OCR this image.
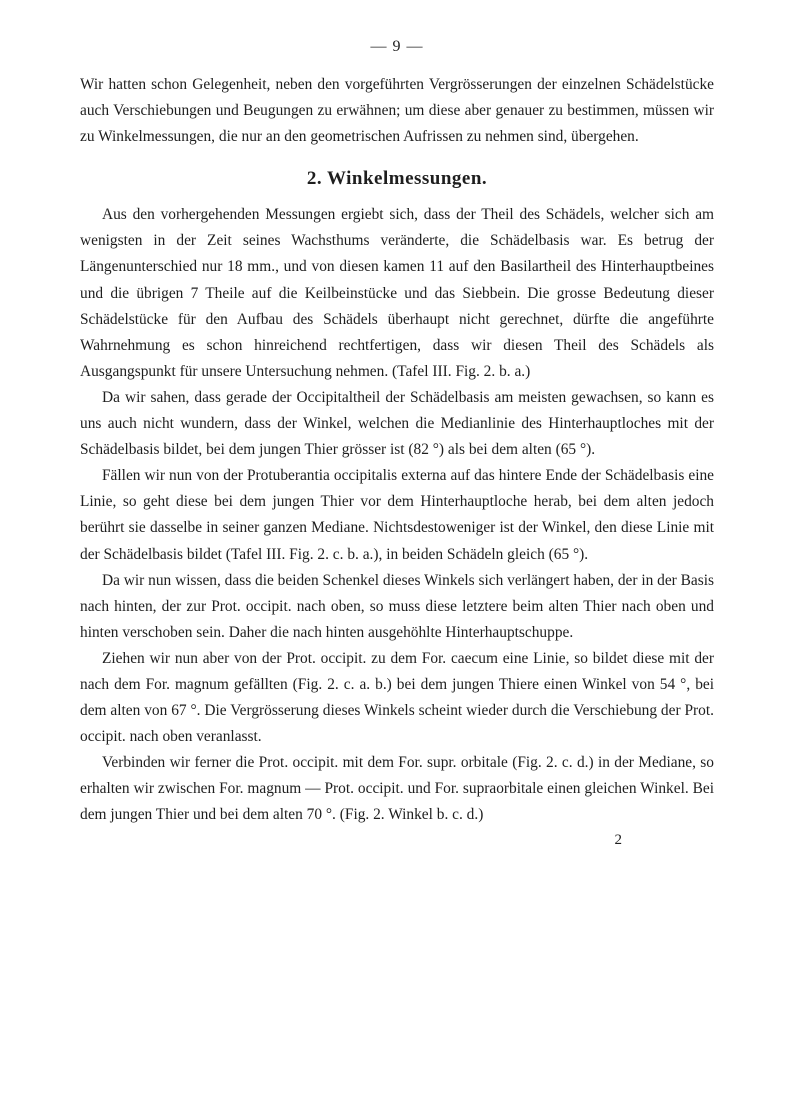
— 9 —

Wir hatten schon Gelegenheit, neben den vorgeführten Vergrösserungen der einzelnen Schädelstücke auch Verschiebungen und Beugungen zu erwähnen; um diese aber genauer zu bestimmen, müssen wir zu Winkelmessungen, die nur an den geometrischen Aufrissen zu nehmen sind, übergehen.

2. Winkelmessungen.

Aus den vorhergehenden Messungen ergiebt sich, dass der Theil des Schädels, welcher sich am wenigsten in der Zeit seines Wachsthums veränderte, die Schädelbasis war. Es betrug der Längenunterschied nur 18 mm., und von diesen kamen 11 auf den Basilartheil des Hinterhauptbeines und die übrigen 7 Theile auf die Keilbeinstücke und das Siebbein. Die grosse Bedeutung dieser Schädelstücke für den Aufbau des Schädels überhaupt nicht gerechnet, dürfte die angeführte Wahrnehmung es schon hinreichend rechtfertigen, dass wir diesen Theil des Schädels als Ausgangspunkt für unsere Untersuchung nehmen. (Tafel III. Fig. 2. b. a.)

Da wir sahen, dass gerade der Occipitaltheil der Schädelbasis am meisten gewachsen, so kann es uns auch nicht wundern, dass der Winkel, welchen die Medianlinie des Hinterhauptloches mit der Schädelbasis bildet, bei dem jungen Thier grösser ist (82 °) als bei dem alten (65 °).

Fällen wir nun von der Protuberantia occipitalis externa auf das hintere Ende der Schädelbasis eine Linie, so geht diese bei dem jungen Thier vor dem Hinterhauptloche herab, bei dem alten jedoch berührt sie dasselbe in seiner ganzen Mediane. Nichtsdestoweniger ist der Winkel, den diese Linie mit der Schädelbasis bildet (Tafel III. Fig. 2. c. b. a.), in beiden Schädeln gleich (65 °).

Da wir nun wissen, dass die beiden Schenkel dieses Winkels sich verlängert haben, der in der Basis nach hinten, der zur Prot. occipit. nach oben, so muss diese letztere beim alten Thier nach oben und hinten verschoben sein. Daher die nach hinten ausgehöhlte Hinterhauptschuppe.

Ziehen wir nun aber von der Prot. occipit. zu dem For. caecum eine Linie, so bildet diese mit der nach dem For. magnum gefällten (Fig. 2. c. a. b.) bei dem jungen Thiere einen Winkel von 54 °, bei dem alten von 67 °. Die Vergrösserung dieses Winkels scheint wieder durch die Verschiebung der Prot. occipit. nach oben veranlasst.

Verbinden wir ferner die Prot. occipit. mit dem For. supr. orbitale (Fig. 2. c. d.) in der Mediane, so erhalten wir zwischen For. magnum — Prot. occipit. und For. supraorbitale einen gleichen Winkel. Bei dem jungen Thier und bei dem alten 70 °. (Fig. 2. Winkel b. c. d.)

2
